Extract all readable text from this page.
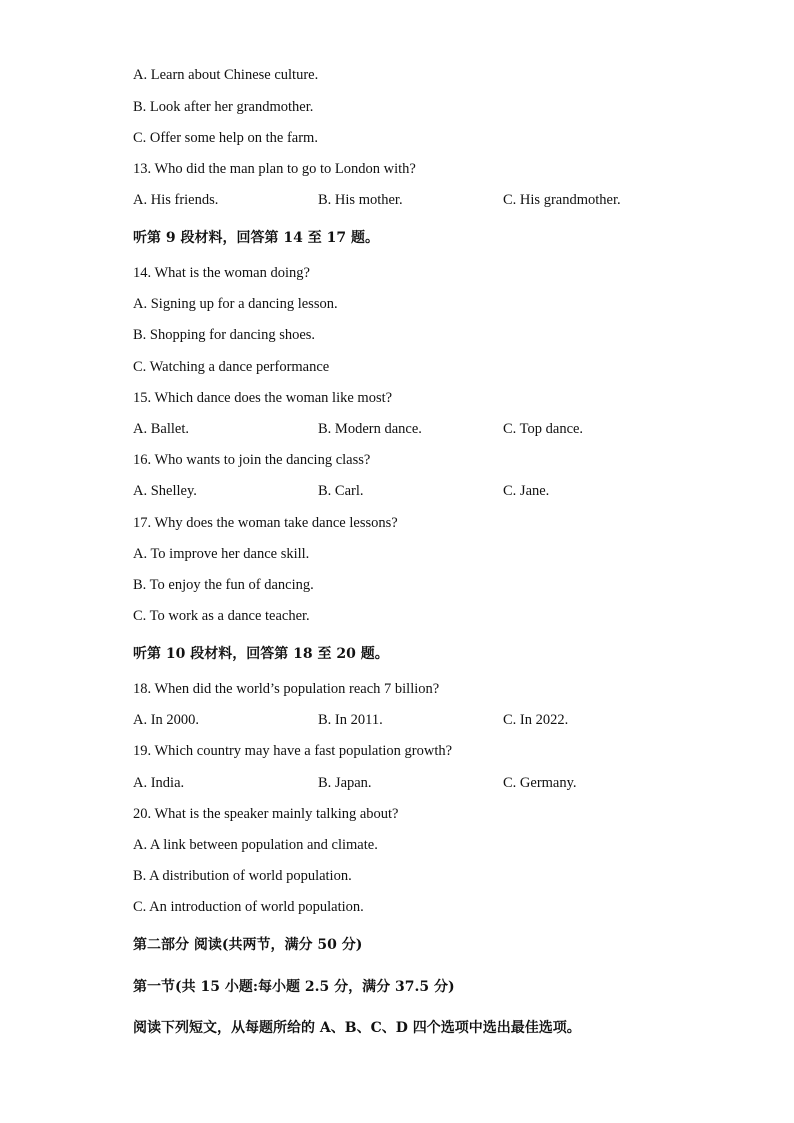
A. Learn about Chinese culture.
B. Look after her grandmother.
C. Offer some help on the farm.
13. Who did the man plan to go to London with?
A. His friends.	B. His mother.	C. His grandmother.
听第 9 段材料，回答第 14 至 17 题。
14. What is the woman doing?
A. Signing up for a dancing lesson.
B. Shopping for dancing shoes.
C. Watching a dance performance
15. Which dance does the woman like most?
A. Ballet.	B. Modern dance.	C. Top dance.
16. Who wants to join the dancing class?
A. Shelley.	B. Carl.	C. Jane.
17. Why does the woman take dance lessons?
A. To improve her dance skill.
B. To enjoy the fun of dancing.
C. To work as a dance teacher.
听第 10 段材料，回答第 18 至 20 题。
18. When did the world’s population reach 7 billion?
A. In 2000.	B. In 2011.	C. In 2022.
19. Which country may have a fast population growth?
A. India.	B. Japan.	C. Germany.
20. What is the speaker mainly talking about?
A. A link between population and climate.
B. A distribution of world population.
C. An introduction of world population.
第二部分 阅读(共两节，满分 50 分)
第一节(共 15 小题:每小题 2.5 分，满分 37.5 分)
阅读下列短文，从每题所给的 A、B、C、D 四个选项中选出最佳选项。
